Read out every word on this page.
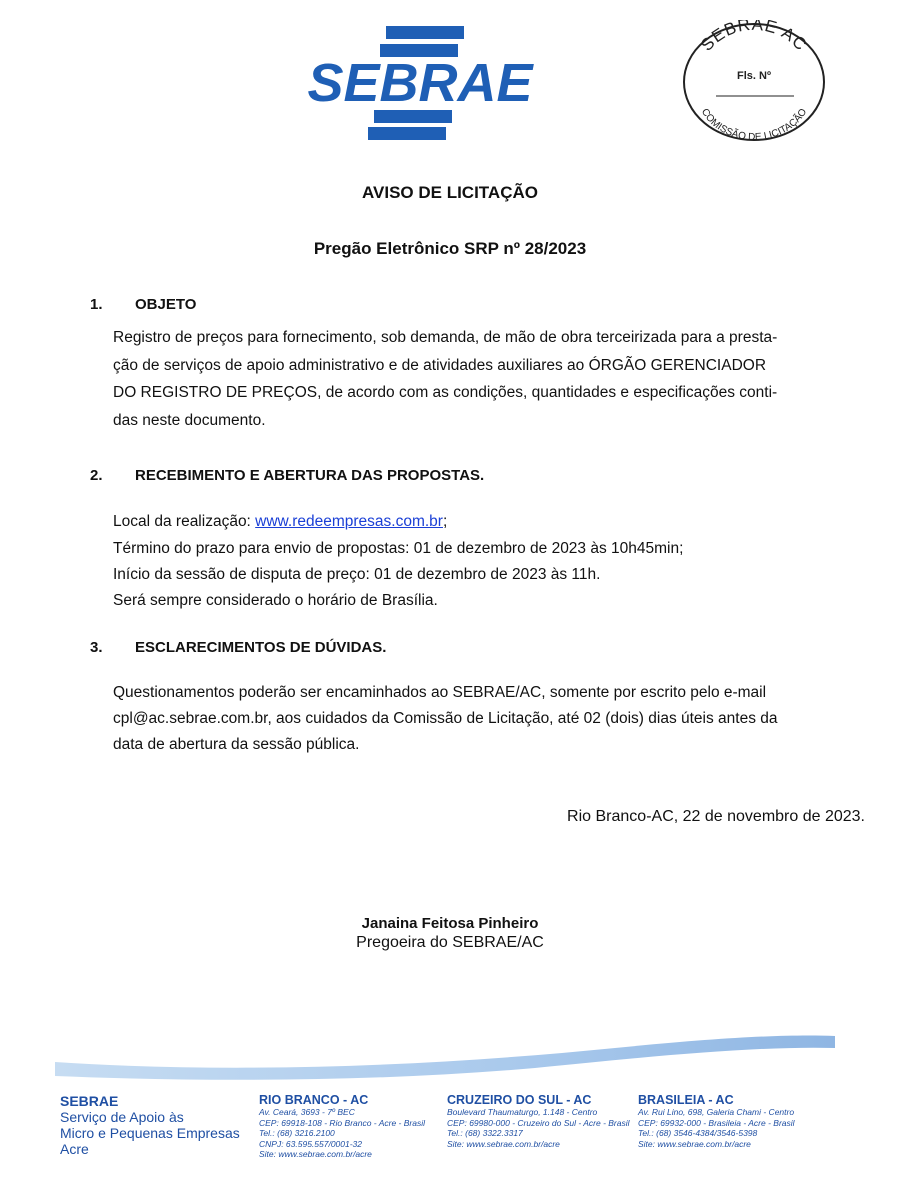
SEBRAE
SEBRAE AC
Fls. Nº
COMISSÃO DE LICITAÇÃO
AVISO DE LICITAÇÃO
Pregão Eletrônico SRP nº 28/2023
1.	OBJETO
Registro de preços para fornecimento, sob demanda, de mão de obra terceirizada para a presta-
ção de serviços de apoio administrativo e de atividades auxiliares ao ÓRGÃO GERENCIADOR
DO REGISTRO DE PREÇOS, de acordo com as condições, quantidades e especificações conti-
das neste documento.
2.	RECEBIMENTO E ABERTURA DAS PROPOSTAS.
Local da realização: www.redeempresas.com.br;
Término do prazo para envio de propostas: 01 de dezembro de 2023 às 10h45min;
Início da sessão de disputa de preço: 01 de dezembro de 2023 às 11h.
Será sempre considerado o horário de Brasília.
3.	ESCLARECIMENTOS DE DÚVIDAS.
Questionamentos poderão ser encaminhados ao SEBRAE/AC, somente por escrito pelo e-mail
cpl@ac.sebrae.com.br, aos cuidados da Comissão de Licitação, até 02 (dois) dias úteis antes da
data de abertura da sessão pública.
Rio Branco-AC, 22 de novembro de 2023.
Janaina Feitosa Pinheiro
Pregoeira do SEBRAE/AC
SEBRAE
Serviço de Apoio às
Micro e Pequenas Empresas
Acre
RIO BRANCO - AC
Av. Ceará, 3693 - 7º BEC
CEP: 69918-108 - Rio Branco - Acre - Brasil
Tel.: (68) 3216.2100
CNPJ: 63.595.557/0001-32
Site: www.sebrae.com.br/acre
CRUZEIRO DO SUL - AC
Boulevard Thaumaturgo, 1.148 - Centro
CEP: 69980-000 - Cruzeiro do Sul - Acre - Brasil
Tel.: (68) 3322.3317
Site: www.sebrae.com.br/acre
BRASILEIA - AC
Av. Rui Lino, 698, Galeria Chami - Centro
CEP: 69932-000 - Brasileia - Acre - Brasil
Tel.: (68) 3546-4384/3546-5398
Site: www.sebrae.com.br/acre
